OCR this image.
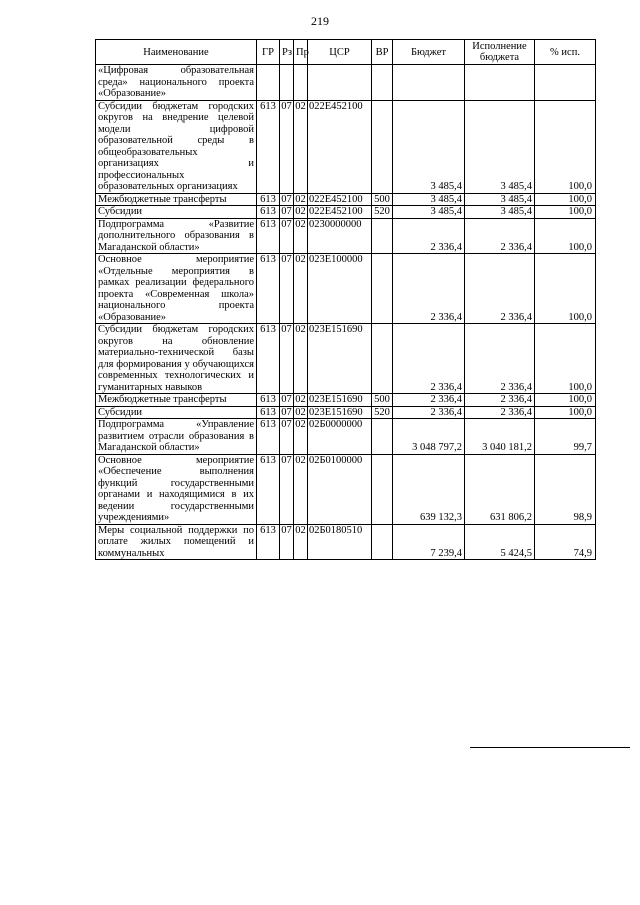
219
Наименование	ГР	Рз	Пр	ЦСР	ВР	Бюджет	Исполнение бюджета	% исп.
«Цифровая образовательная среда» национального проекта «Образование»								
Субсидии бюджетам городских округов на внедрение целевой модели цифровой образовательной среды в общеобразовательных организациях и профессиональных образовательных организациях	613	07	02	022E452100		3 485,4	3 485,4	100,0
Межбюджетные трансферты	613	07	02	022E452100	500	3 485,4	3 485,4	100,0
Субсидии	613	07	02	022E452100	520	3 485,4	3 485,4	100,0
Подпрограмма «Развитие дополнительного образования в Магаданской области»	613	07	02	0230000000		2 336,4	2 336,4	100,0
Основное мероприятие «Отдельные мероприятия в рамках реализации федерального проекта «Современная школа» национального проекта «Образование»	613	07	02	023E100000		2 336,4	2 336,4	100,0
Субсидии бюджетам городских округов на обновление материально-технической базы для формирования у обучающихся современных технологических и гуманитарных навыков	613	07	02	023E151690		2 336,4	2 336,4	100,0
Межбюджетные трансферты	613	07	02	023E151690	500	2 336,4	2 336,4	100,0
Субсидии	613	07	02	023E151690	520	2 336,4	2 336,4	100,0
Подпрограмма «Управление развитием отрасли образования в Магаданской области»	613	07	02	02Б0000000		3 048 797,2	3 040 181,2	99,7
Основное мероприятие «Обеспечение выполнения функций государственными органами и находящимися в их ведении государственными учреждениями»	613	07	02	02Б0100000		639 132,3	631 806,2	98,9
Меры социальной поддержки по оплате жилых помещений и коммунальных	613	07	02	02Б0180510		7 239,4	5 424,5	74,9
